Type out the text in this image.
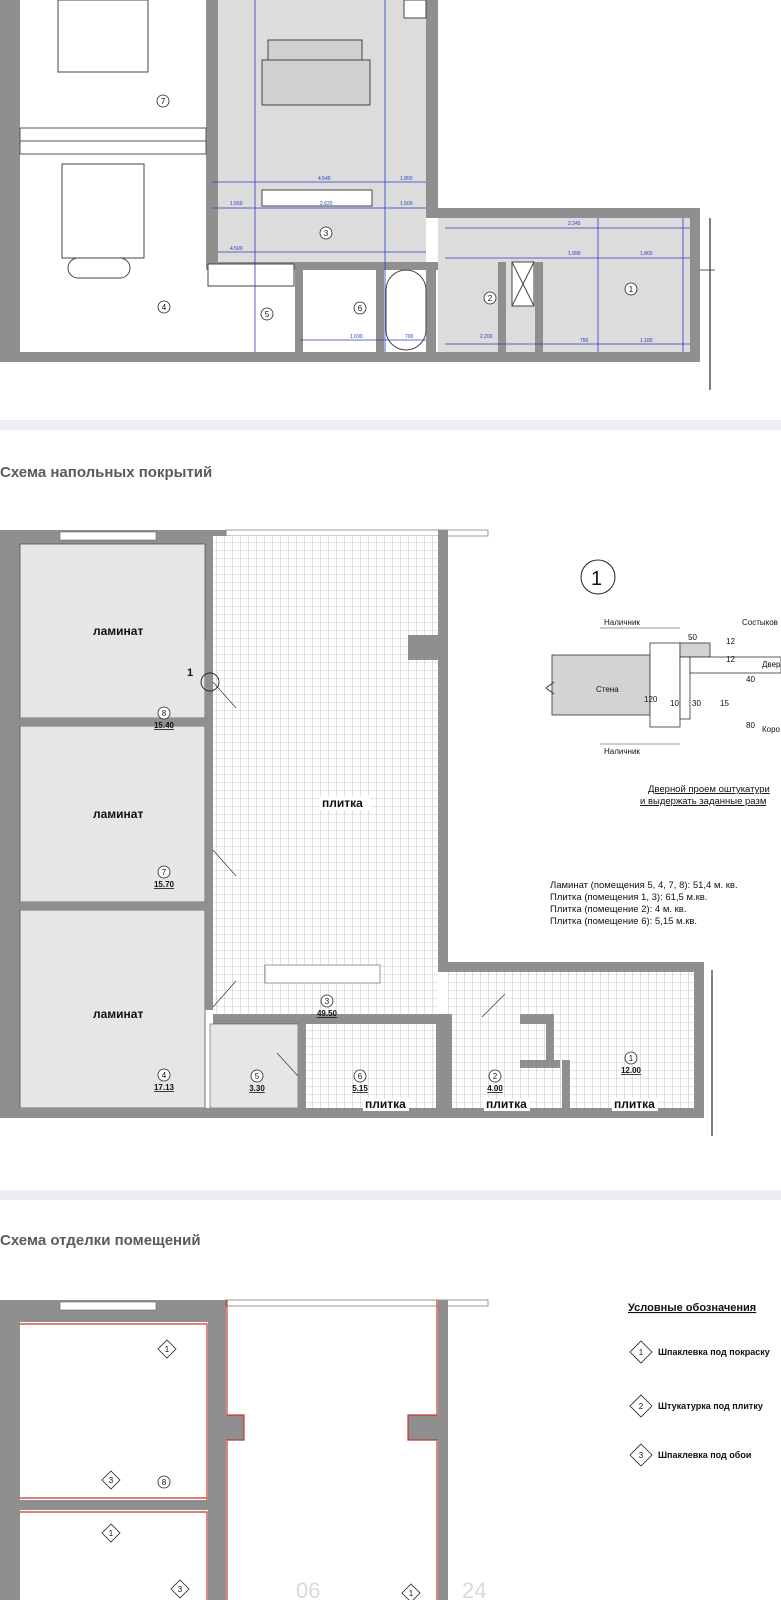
4.540
2.620
1.850
1.500
1.550
2.245
1.990	1.860
1.180
750
4.500
1.690	2.200
700
7
3
4
5
6
2
1
Схема напольных покрытий
1
ламинат
8
15.40
ламинат
7
15.70
ламинат
4
17.13
плитка
3
49.50
5
3.30
6
5.15
плитка
2
4.00
плитка
1
12.00
плитка
1
Наличник
Наличник
Стена
Состыков
Двер
Коро
50	12
12
40
120 10 30 15
80
Дверной проем оштукатури
и выдержать заданные разм
Ламинат (помещения 5, 4, 7, 8): 51,4 м. кв.
Плитка (помещения 1, 3): 61,5 м.кв.
Плитка (помещение 2): 4 м. кв.
Плитка (помещение 6): 5,15 м.кв.
Схема отделки помещений
1
3
1
3	1
8
Условные обозначения
1 Шпаклевка под покраску
2 Штукатурка под плитку
3 Шпаклевка под обои
06	24
